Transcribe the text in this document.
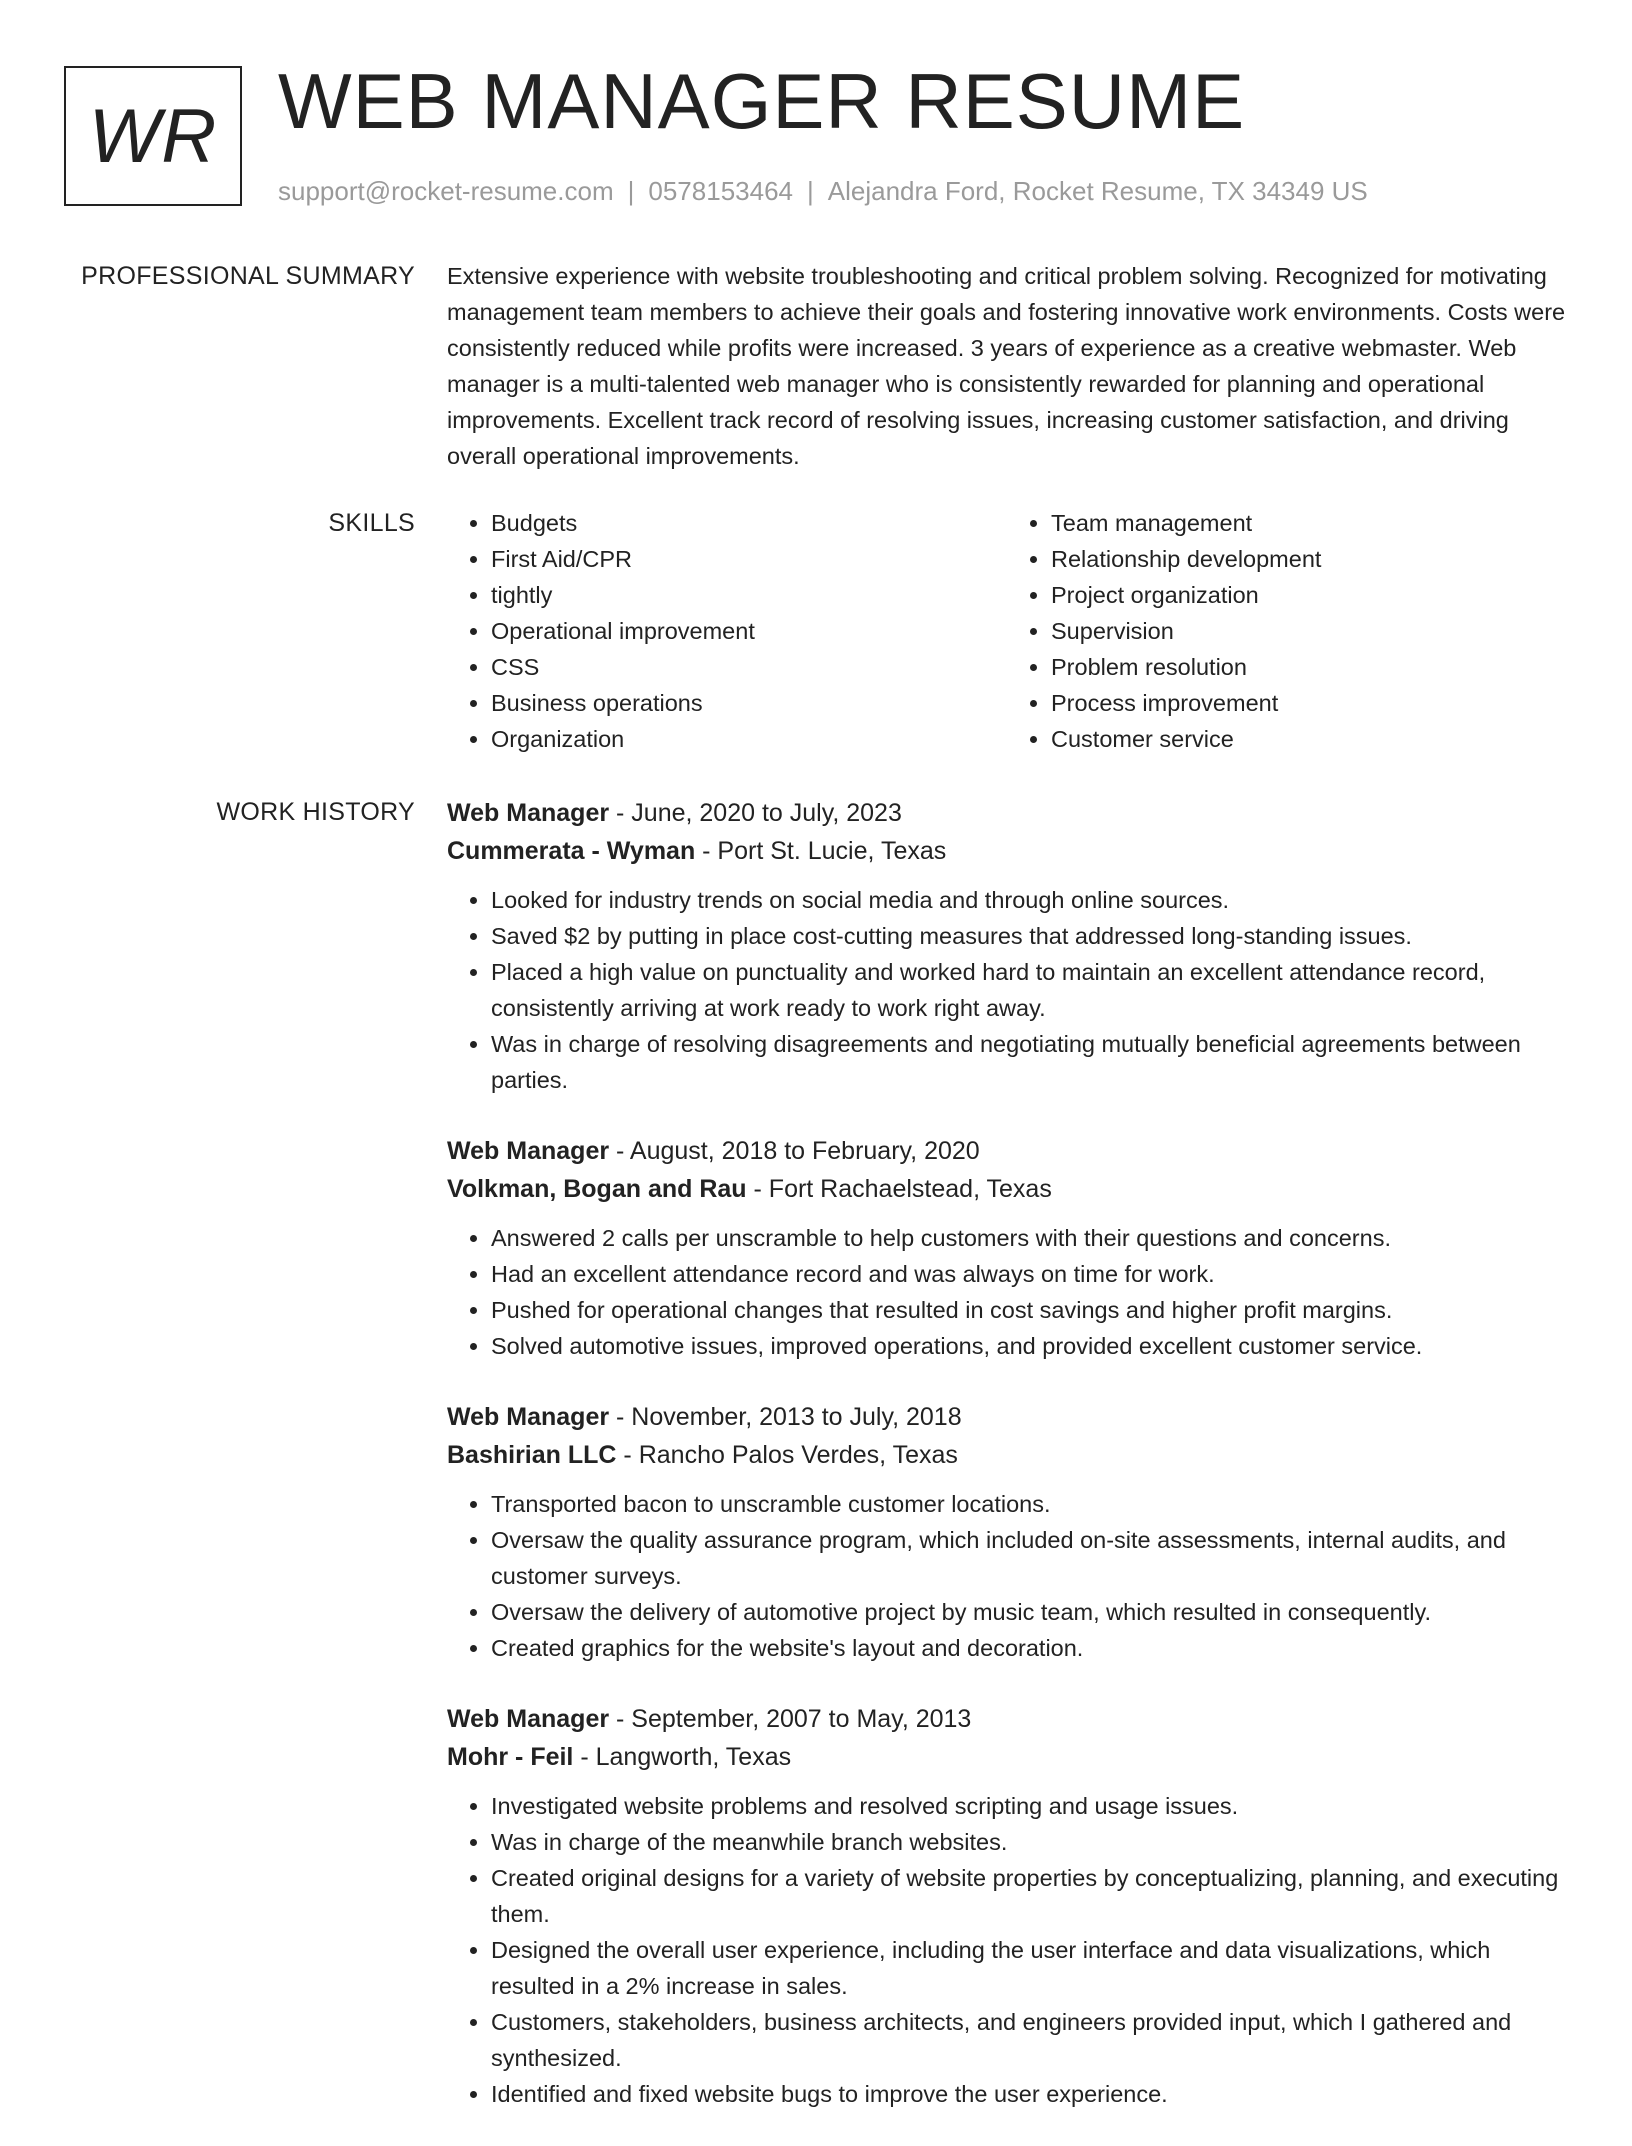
WR WEB MANAGER RESUME
support@rocket-resume.com | 0578153464 | Alejandra Ford, Rocket Resume, TX 34349 US
PROFESSIONAL SUMMARY Extensive experience with website troubleshooting and critical problem solving. Recognized for motivating management team members to achieve their goals and fostering innovative work environments. Costs were consistently reduced while profits were increased. 3 years of experience as a creative webmaster. Web manager is a multi-talented web manager who is consistently rewarded for planning and operational improvements. Excellent track record of resolving issues, increasing customer satisfaction, and driving overall operational improvements.
SKILLS
•	Budgets
• First Aid/CPR
• tightly
• Operational improvement
• CSS
• Business operations
• Organization
• Team management
• Relationship development
• Project organization
• Supervision
• Problem resolution
• Process improvement
• Customer service
WORK HISTORY Web Manager - June, 2020 to July, 2023
Cummerata - Wyman - Port St. Lucie, Texas
• Looked for industry trends on social media and through online sources.
• Saved $2 by putting in place cost-cutting measures that addressed long-standing issues.
• Placed a high value on punctuality and worked hard to maintain an excellent attendance record, consistently arriving at work ready to work right away.
• Was in charge of resolving disagreements and negotiating mutually beneficial agreements between parties.
Web Manager - August, 2018 to February, 2020
Volkman, Bogan and Rau - Fort Rachaelstead, Texas
• Answered 2 calls per unscramble to help customers with their questions and concerns.
• Had an excellent attendance record and was always on time for work.
• Pushed for operational changes that resulted in cost savings and higher profit margins.
• Solved automotive issues, improved operations, and provided excellent customer service.
Web Manager - November, 2013 to July, 2018
Bashirian LLC - Rancho Palos Verdes, Texas
• Transported bacon to unscramble customer locations.
• Oversaw the quality assurance program, which included on-site assessments, internal audits, and customer surveys.
• Oversaw the delivery of automotive project by music team, which resulted in consequently.
• Created graphics for the website's layout and decoration.
Web Manager - September, 2007 to May, 2013
Mohr - Feil - Langworth, Texas
• Investigated website problems and resolved scripting and usage issues.
• Was in charge of the meanwhile branch websites.
• Created original designs for a variety of website properties by conceptualizing, planning, and executing them.
• Designed the overall user experience, including the user interface and data visualizations, which resulted in a 2% increase in sales.
• Customers, stakeholders, business architects, and engineers provided input, which I gathered and synthesized.
• Identified and fixed website bugs to improve the user experience.
